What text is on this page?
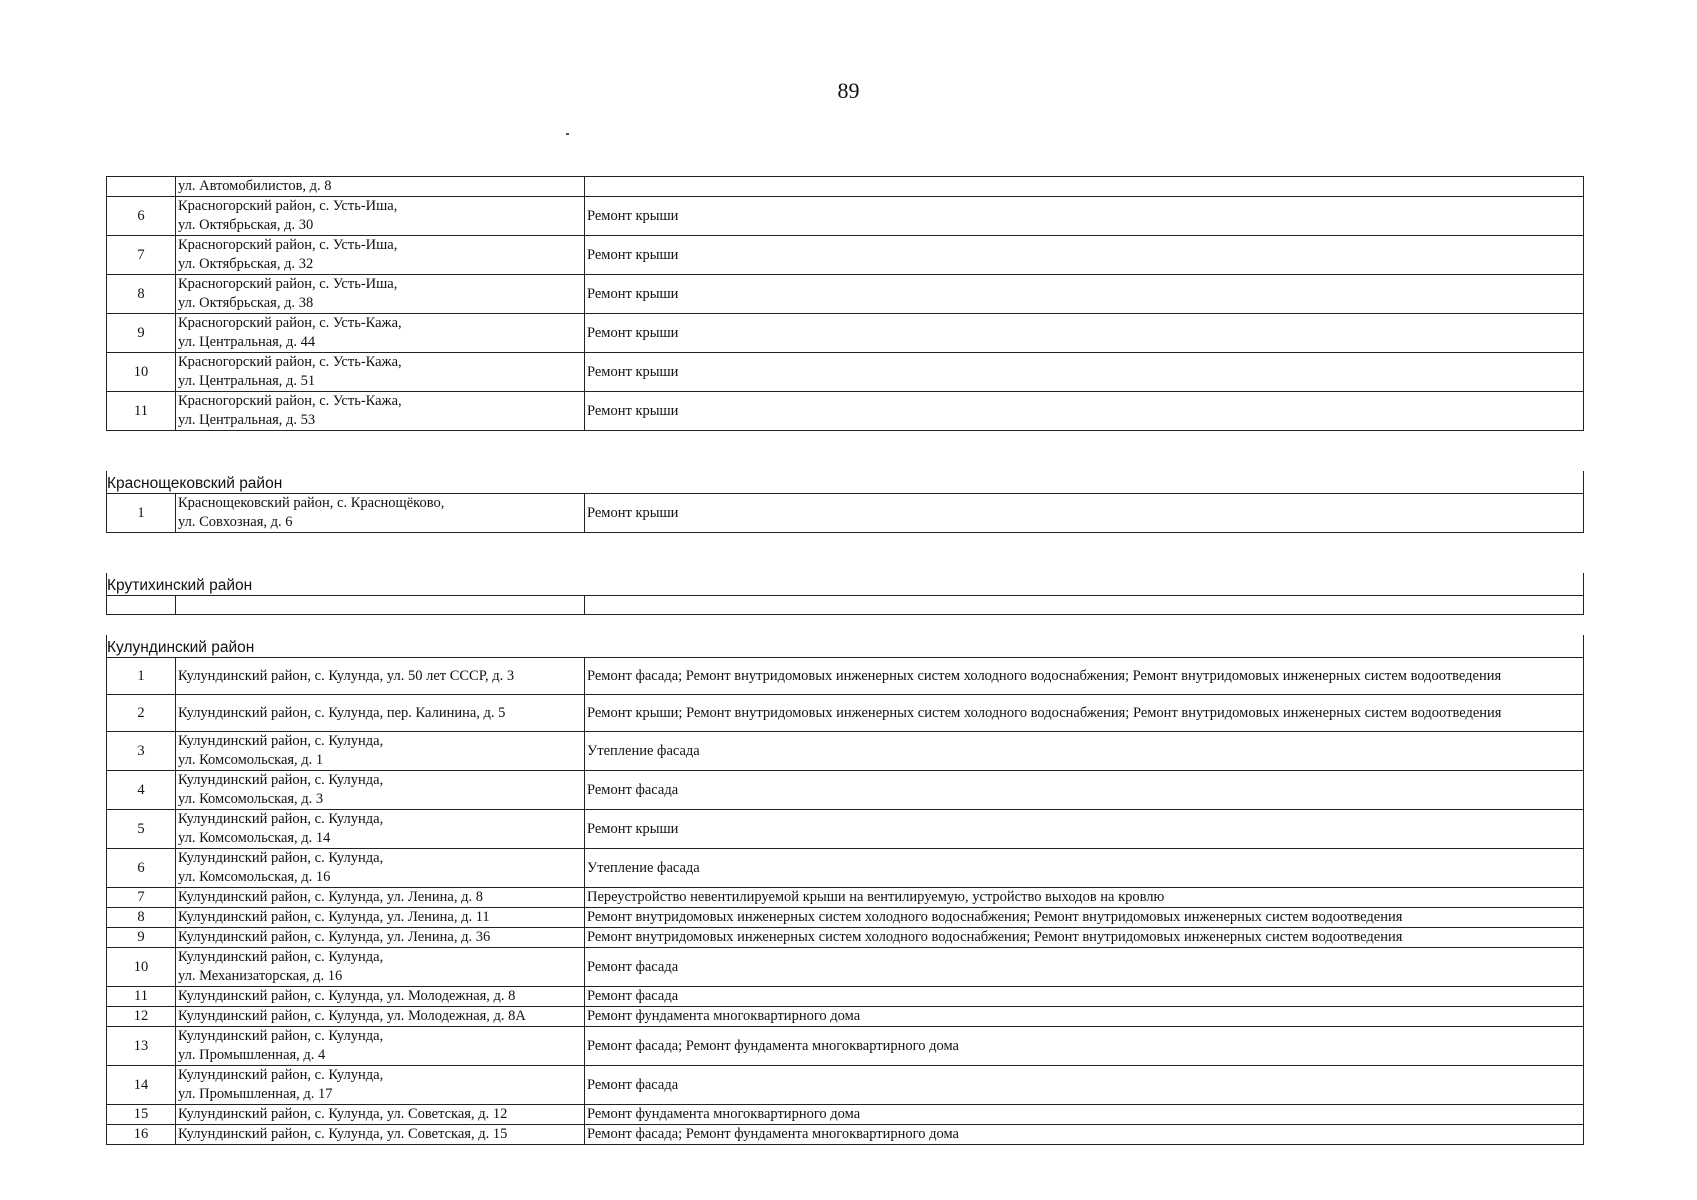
89
	ул. Автомобилистов, д. 8	
6	Красногорский район, с. Усть-Иша,
ул. Октябрьская, д. 30	Ремонт крыши
7	Красногорский район, с. Усть-Иша,
ул. Октябрьская, д. 32	Ремонт крыши
8	Красногорский район, с. Усть-Иша,
ул. Октябрьская, д. 38	Ремонт крыши
9	Красногорский район, с. Усть-Кажа,
ул. Центральная, д. 44	Ремонт крыши
10	Красногорский район, с. Усть-Кажа,
ул. Центральная, д. 51	Ремонт крыши
11	Красногорский район, с. Усть-Кажа,
ул. Центральная, д. 53	Ремонт крыши

Краснощековский район		
1	Краснощековский район, с. Краснощёково,
ул. Совхозная, д. 6	Ремонт крыши

Крутихинский район		

Кулундинский район		
1	Кулундинский район, с. Кулунда, ул. 50 лет СССР, д. 3	Ремонт фасада; Ремонт внутридомовых инженерных систем холодного водоснабжения; Ремонт внутридомовых инженерных систем водоотведения
2	Кулундинский район, с. Кулунда, пер. Калинина, д. 5	Ремонт крыши; Ремонт внутридомовых инженерных систем холодного водоснабжения; Ремонт внутридомовых инженерных систем водоотведения
3	Кулундинский район, с. Кулунда,
ул. Комсомольская, д. 1	Утепление фасада
4	Кулундинский район, с. Кулунда,
ул. Комсомольская, д. 3	Ремонт фасада
5	Кулундинский район, с. Кулунда,
ул. Комсомольская, д. 14	Ремонт крыши
6	Кулундинский район, с. Кулунда,
ул. Комсомольская, д. 16	Утепление фасада
7	Кулундинский район, с. Кулунда, ул. Ленина, д. 8	Переустройство невентилируемой крыши на вентилируемую, устройство выходов на кровлю
8	Кулундинский район, с. Кулунда, ул. Ленина, д. 11	Ремонт внутридомовых инженерных систем холодного водоснабжения; Ремонт внутридомовых инженерных систем водоотведения
9	Кулундинский район, с. Кулунда, ул. Ленина, д. 36	Ремонт внутридомовых инженерных систем холодного водоснабжения; Ремонт внутридомовых инженерных систем водоотведения
10	Кулундинский район, с. Кулунда,
ул. Механизаторская, д. 16	Ремонт фасада
11	Кулундинский район, с. Кулунда, ул. Молодежная, д. 8	Ремонт фасада
12	Кулундинский район, с. Кулунда, ул. Молодежная, д. 8А	Ремонт фундамента многоквартирного дома
13	Кулундинский район, с. Кулунда,
ул. Промышленная, д. 4	Ремонт фасада; Ремонт фундамента многоквартирного дома
14	Кулундинский район, с. Кулунда,
ул. Промышленная, д. 17	Ремонт фасада
15	Кулундинский район, с. Кулунда, ул. Советская, д. 12	Ремонт фундамента многоквартирного дома
16	Кулундинский район, с. Кулунда, ул. Советская, д. 15	Ремонт фасада; Ремонт фундамента многоквартирного дома
